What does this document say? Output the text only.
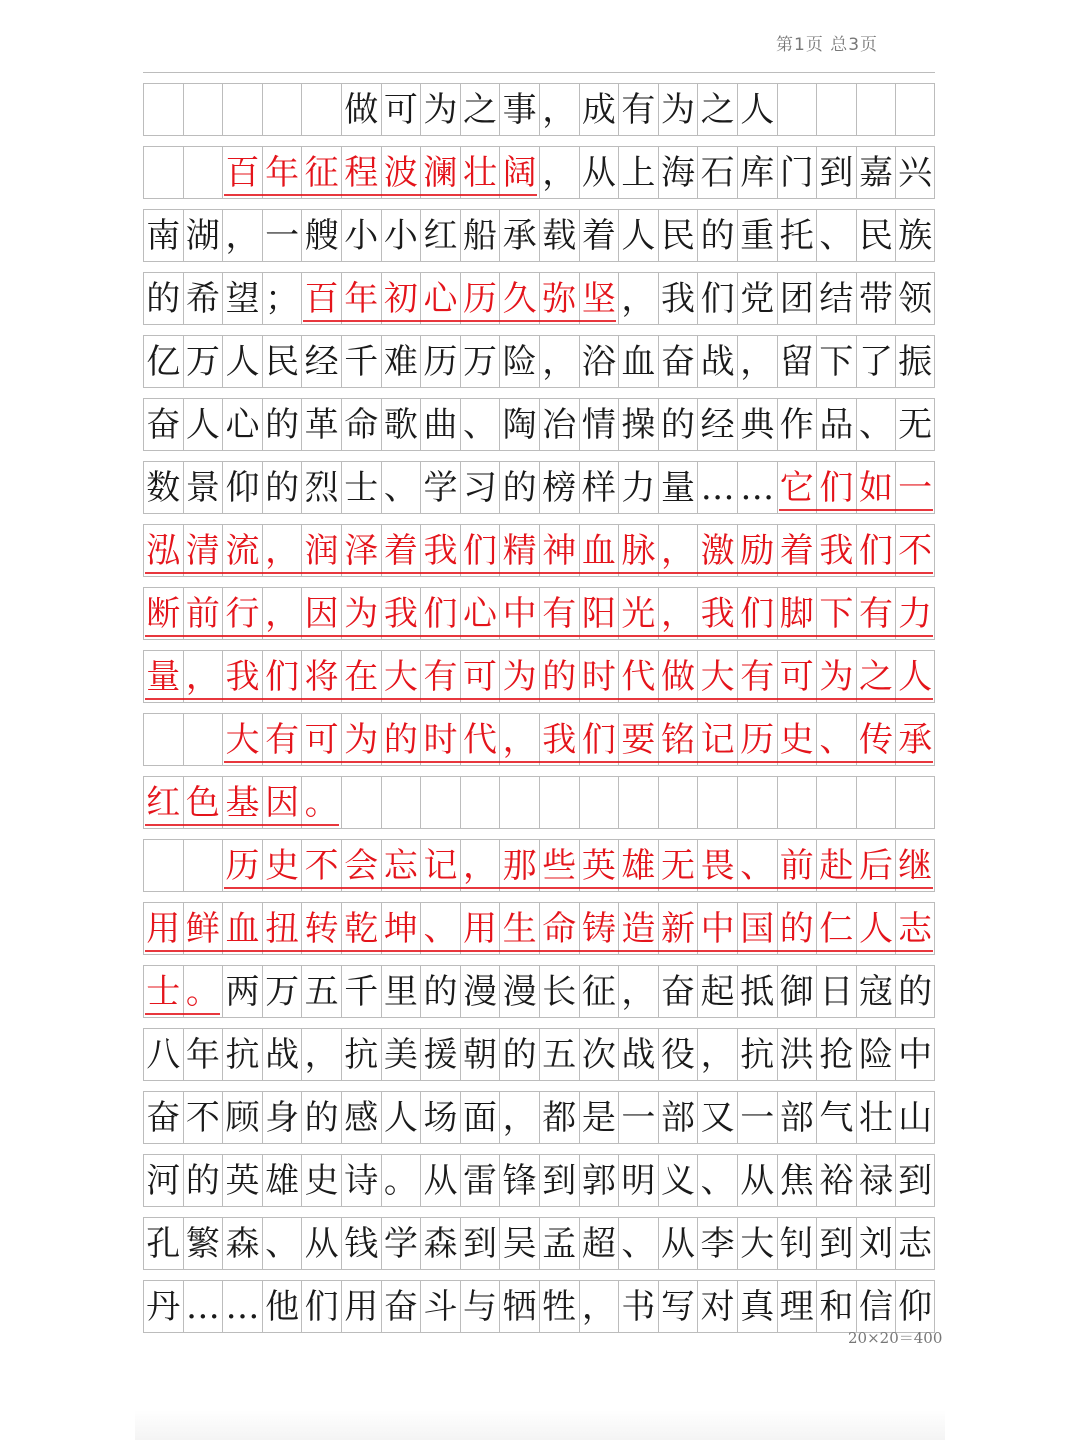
第1页 总3页
做 可 为 之 事 ， 成 有 为 之 人
百 年 征 程 波 澜 壮 阔 ， 从 上 海 石 库 门 到 嘉 兴
南 湖 ， 一 艘 小 小 红 船 承 载 着 人 民 的 重 托 、 民 族
的 希 望 ； 百 年 初 心 历 久 弥 坚 ， 我 们 党 团 结 带 领
亿 万 人 民 经 千 难 历 万 险 ， 浴 血 奋 战 ， 留 下 了 振
奋 人 心 的 革 命 歌 曲 、 陶 冶 情 操 的 经 典 作 品 、 无
数 景 仰 的 烈 士 、 学 习 的 榜 样 力 量 … … 它 们 如 一
泓 清 流 ， 润 泽 着 我 们 精 神 血 脉 ， 激 励 着 我 们 不
断 前 行 ， 因 为 我 们 心 中 有 阳 光 ， 我 们 脚 下 有 力
量 ， 我 们 将 在 大 有 可 为 的 时 代 做 大 有 可 为 之 人
大 有 可 为 的 时 代 ， 我 们 要 铭 记 历 史 、 传 承
红 色 基 因 。
历 史 不 会 忘 记 ， 那 些 英 雄 无 畏 、 前 赴 后 继
用 鲜 血 扭 转 乾 坤 、 用 生 命 铸 造 新 中 国 的 仁 人 志
士 。 两 万 五 千 里 的 漫 漫 长 征 ， 奋 起 抵 御 日 寇 的
八 年 抗 战 ， 抗 美 援 朝 的 五 次 战 役 ， 抗 洪 抢 险 中
奋 不 顾 身 的 感 人 场 面 ， 都 是 一 部 又 一 部 气 壮 山
河 的 英 雄 史 诗 。 从 雷 锋 到 郭 明 义 、 从 焦 裕 禄 到
孔 繁 森 、 从 钱 学 森 到 吴 孟 超 、 从 李 大 钊 到 刘 志
丹 … … 他 们 用 奋 斗 与 牺 牲 ， 书 写 对 真 理 和 信 仰
20×20＝400
